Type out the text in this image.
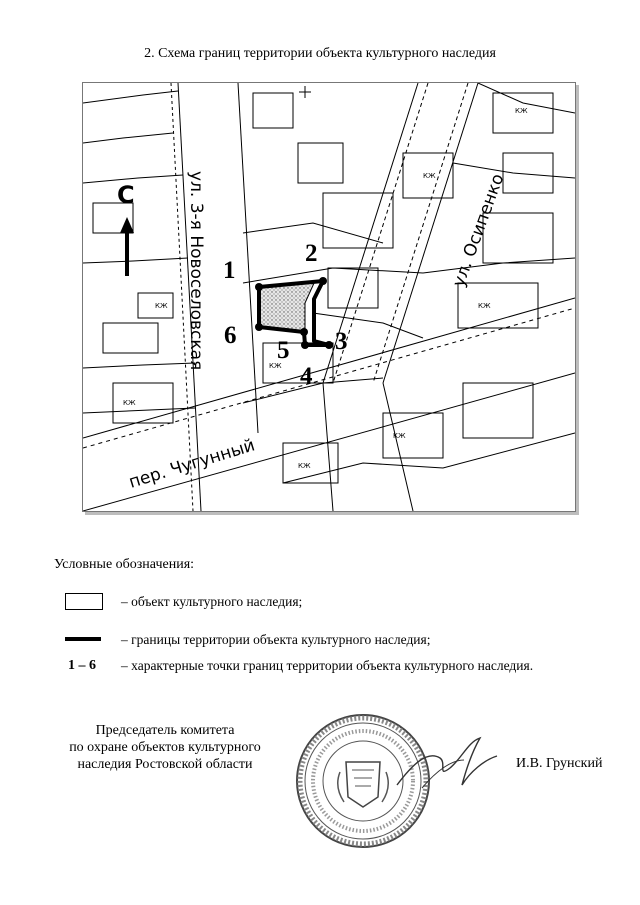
2. Схема границ территории объекта культурного наследия
КЖ
КЖ
КЖ
КЖ
КЖ
КЖ
КЖ
КЖ
С
1
2
3
4
5
6
ул. 3-я Новоселовская	ул. Осипенко
пер. Чугунный
Условные обозначения:
– объект культурного наследия;
– границы территории объекта культурного наследия;
1 – 6 – характерные точки границ территории объекта культурного наследия.
Председатель комитета
по охране объектов культурного
наследия Ростовской области	И.В. Грунский
